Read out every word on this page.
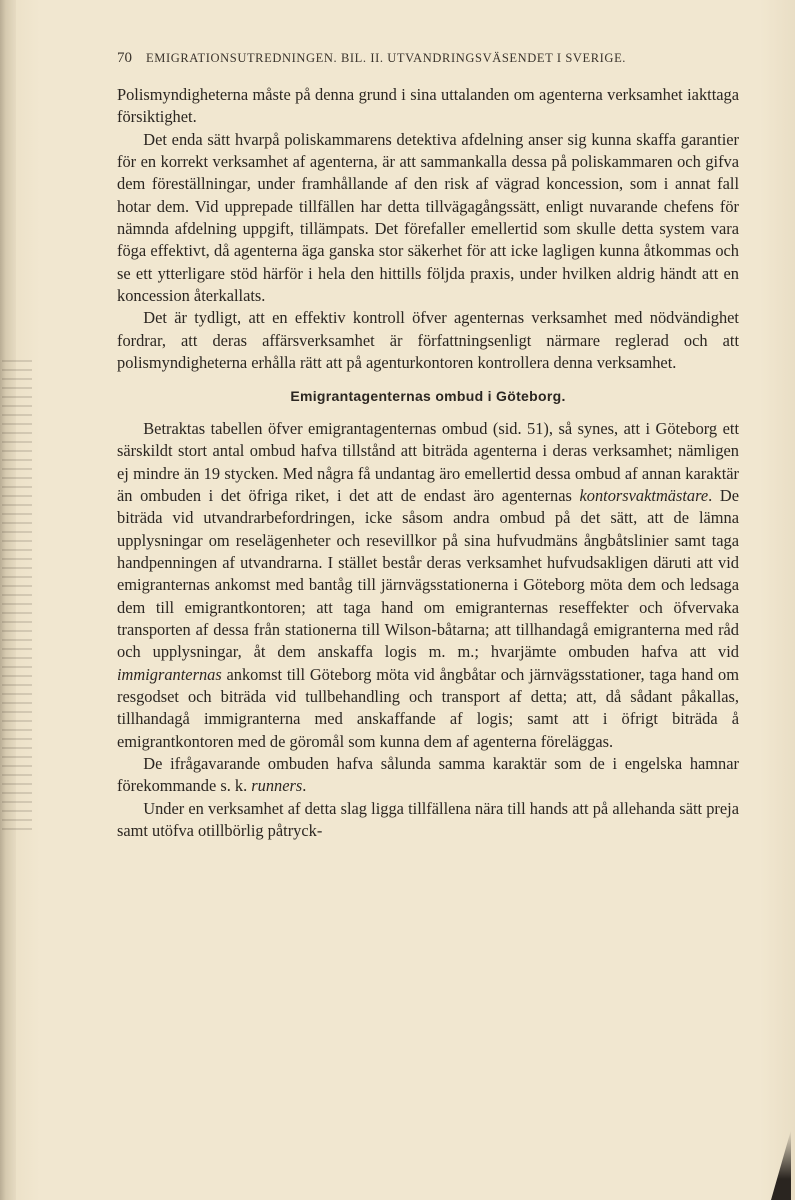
70 EMIGRATIONSUTREDNINGEN. BIL. II. UTVANDRINGSVÄSENDET I SVERIGE.

Polismyndigheterna måste på denna grund i sina uttalanden om agenterna verksamhet iakttaga försiktighet.

Det enda sätt hvarpå poliskammarens detektiva afdelning anser sig kunna skaffa garantier för en korrekt verksamhet af agenterna, är att sammankalla dessa på poliskammaren och gifva dem föreställningar, under framhållande af den risk af vägrad koncession, som i annat fall hotar dem. Vid upprepade tillfällen har detta tillvägagångssätt, enligt nuvarande chefens för nämnda afdelning uppgift, tillämpats. Det förefaller emellertid som skulle detta system vara föga effektivt, då agenterna äga ganska stor säkerhet för att icke lagligen kunna åtkommas och se ett ytterligare stöd härför i hela den hittills följda praxis, under hvilken aldrig händt att en koncession återkallats.

Det är tydligt, att en effektiv kontroll öfver agenternas verksamhet med nödvändighet fordrar, att deras affärsverksamhet är författningsenligt närmare reglerad och att polismyndigheterna erhålla rätt att på agenturkontoren kontrollera denna verksamhet.

Emigrantagenternas ombud i Göteborg.

Betraktas tabellen öfver emigrantagenternas ombud (sid. 51), så synes, att i Göteborg ett särskildt stort antal ombud hafva tillstånd att biträda agenterna i deras verksamhet; nämligen ej mindre än 19 stycken. Med några få undantag äro emellertid dessa ombud af annan karaktär än ombuden i det öfriga riket, i det att de endast äro agenternas kontorsvaktmästare. De biträda vid utvandrarbefordringen, icke såsom andra ombud på det sätt, att de lämna upplysningar om reselägenheter och resevillkor på sina hufvudmäns ångbåtslinier samt taga handpenningen af utvandrarna. I stället består deras verksamhet hufvudsakligen däruti att vid emigranternas ankomst med bantåg till järnvägsstationerna i Göteborg möta dem och ledsaga dem till emigrantkontoren; att taga hand om emigranternas reseffekter och öfvervaka transporten af dessa från stationerna till Wilson-båtarna; att tillhandagå emigranterna med råd och upplysningar, åt dem anskaffa logis m. m.; hvarjämte ombuden hafva att vid immigranternas ankomst till Göteborg möta vid ångbåtar och järnvägsstationer, taga hand om resgodset och biträda vid tullbehandling och transport af detta; att, då sådant påkallas, tillhandagå immigranterna med anskaffande af logis; samt att i öfrigt biträda å emigrantkontoren med de göromål som kunna dem af agenterna föreläggas.

De ifrågavarande ombuden hafva sålunda samma karaktär som de i engelska hamnar förekommande s. k. runners.

Under en verksamhet af detta slag ligga tillfällena nära till hands att på allehanda sätt preja samt utöfva otillbörlig påtryck-
